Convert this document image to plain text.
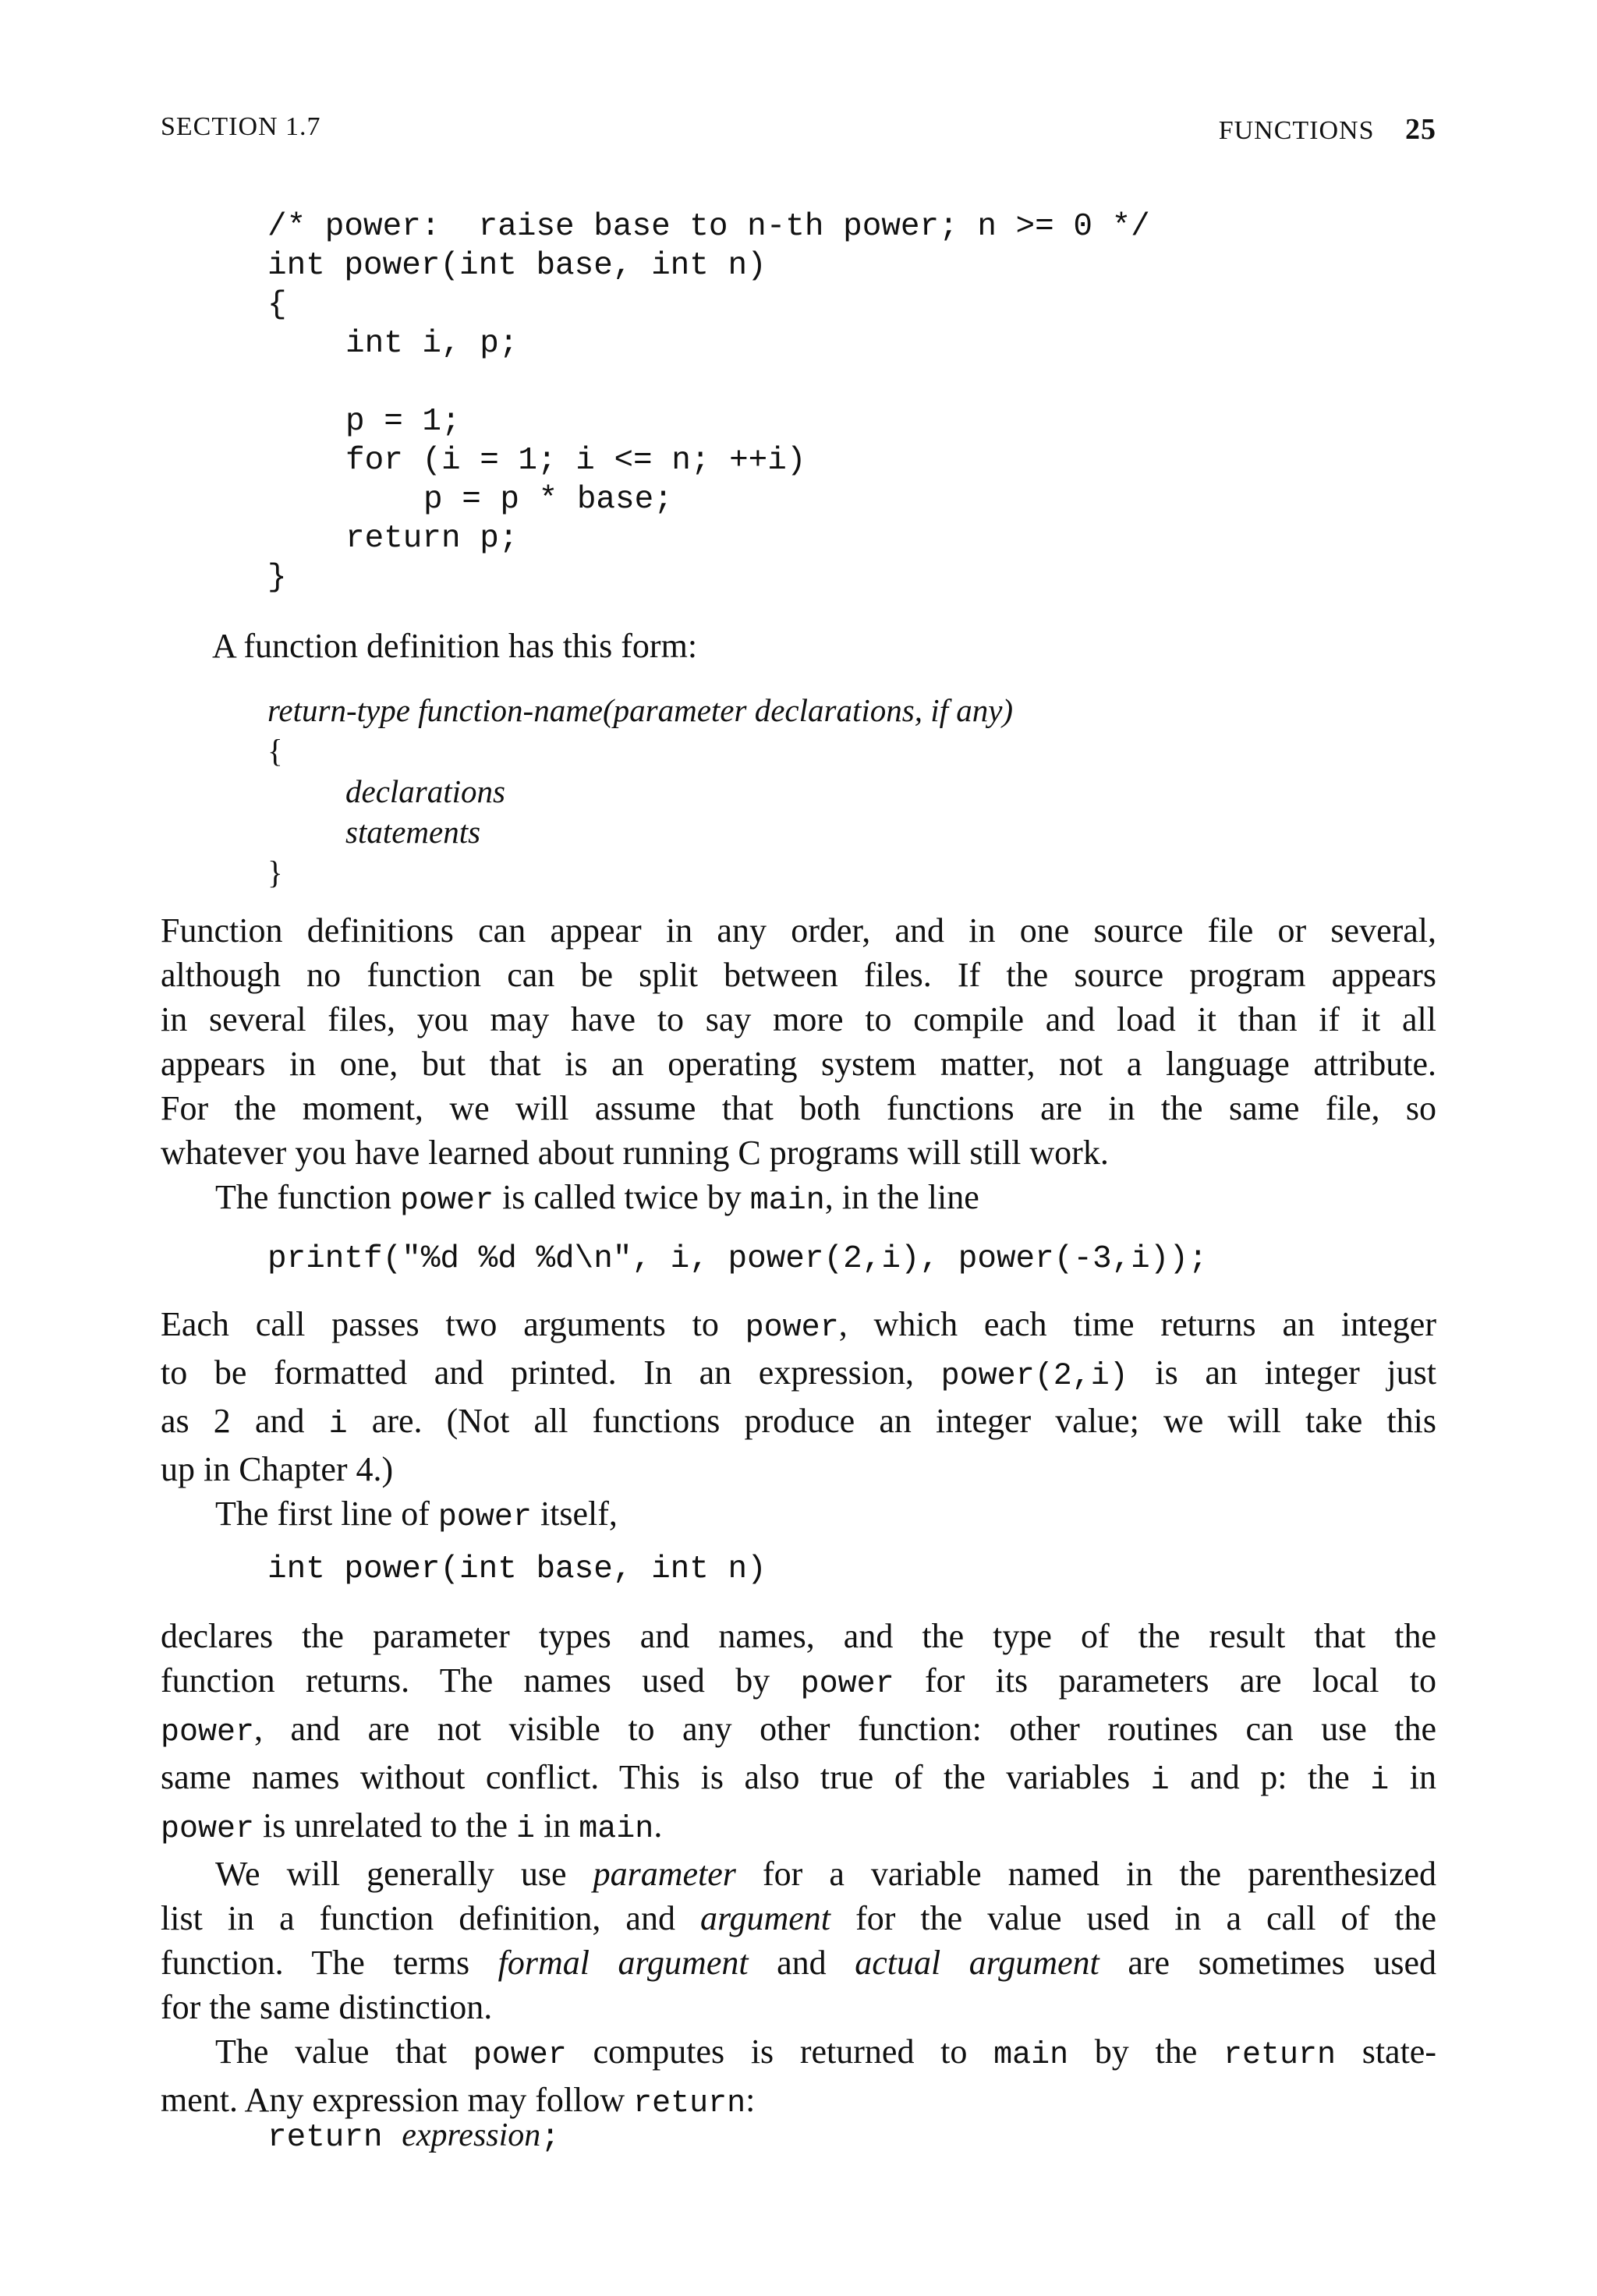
SECTION 1.7	FUNCTIONS 25
/* power:  raise base to n-th power; n >= 0 */
int power(int base, int n)
{
int i, p;
p = 1;
for (i = 1; i <= n; ++i)
p = p * base;
return p;
}

A function definition has this form:

return-type function-name(parameter declarations, if any)
{
declarations
statements
}
Function definitions can appear in any order, and in one source file or several,
although no function can be split between files. If the source program appears
in several files, you may have to say more to compile and load it than if it all
appears in one, but that is an operating system matter, not a language attribute.
For the moment, we will assume that both functions are in the same file, so
whatever you have learned about running C programs will still work.
The function power is called twice by main, in the line
printf("%d %d %d\n", i, power(2,i), power(-3,i));
Each call passes two arguments to power, which each time returns an integer
to be formatted and printed. In an expression, power(2,i) is an integer just
as 2 and i are. (Not all functions produce an integer value; we will take this
up in Chapter 4.)
The first line of power itself,
int power(int base, int n)
declares the parameter types and names, and the type of the result that the
function returns. The names used by power for its parameters are local to
power, and are not visible to any other function: other routines can use the
same names without conflict. This is also true of the variables i and p: the i in
power is unrelated to the i in main.
We will generally use parameter for a variable named in the parenthesized
list in a function definition, and argument for the value used in a call of the
function. The terms formal argument and actual argument are sometimes used
for the same distinction.
The value that power computes is returned to main by the return state-
ment. Any expression may follow return:
return expression;
